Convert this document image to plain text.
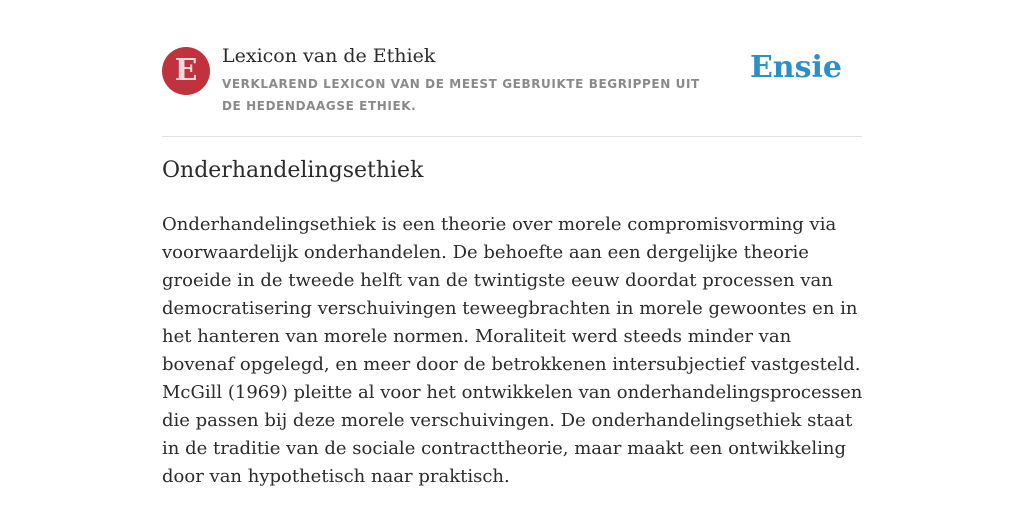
E	Lexicon van de Ethiek
VERKLAREND LEXICON VAN DE MEEST GEBRUIKTE BEGRIPPEN UIT DE HEDENDAAGSE ETHIEK.
Ensie
Onderhandelingsethiek

Onderhandelingsethiek is een theorie over morele compromisvorming via voorwaardelijk onderhandelen. De behoefte aan een dergelijke theorie groeide in de tweede helft van de twintigste eeuw doordat processen van democratisering verschuivingen teweegbrachten in morele gewoontes en in het hanteren van morele normen. Moraliteit werd steeds minder van bovenaf opgelegd, en meer door de betrokkenen intersubjectief vastgesteld. McGill (1969) pleitte al voor het ontwikkelen van onderhandelingsprocessen die passen bij deze morele verschuivingen. De onderhandelingsethiek staat in de traditie van de sociale contracttheorie, maar maakt een ontwikkeling door van hypothetisch naar praktisch.
